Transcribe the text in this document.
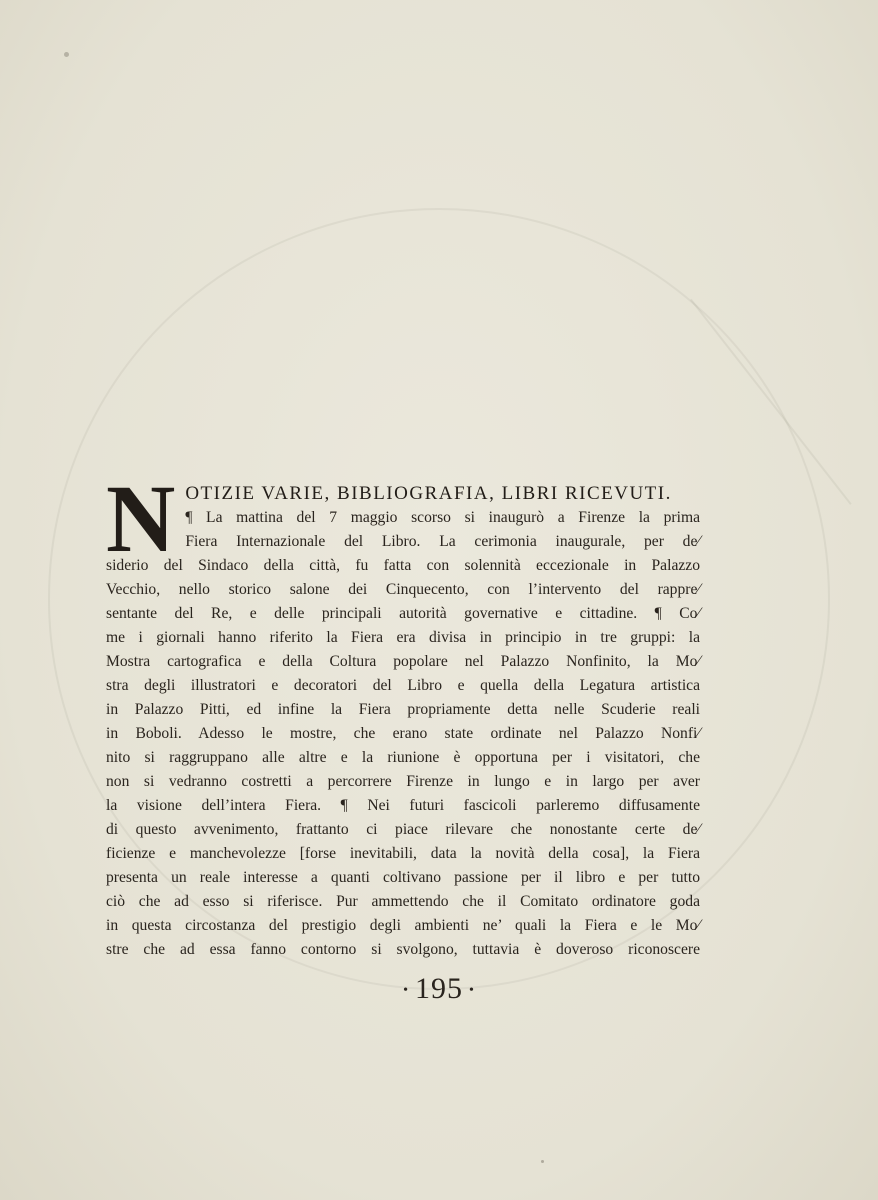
N OTIZIE VARIE, BIBLIOGRAFIA, LIBRI RICEVUTI.
¶ La mattina del 7 maggio scorso si inaugurò a Firenze la prima
Fiera Internazionale del Libro. La cerimonia inaugurale, per de⁄
siderio del Sindaco della città, fu fatta con solennità eccezionale in Palazzo
Vecchio, nello storico salone dei Cinquecento, con l’intervento del rappre⁄
sentante del Re, e delle principali autorità governative e cittadine. ¶ Co⁄
me i giornali hanno riferito la Fiera era divisa in principio in tre gruppi: la
Mostra cartografica e della Coltura popolare nel Palazzo Nonfinito, la Mo⁄
stra degli illustratori e decoratori del Libro e quella della Legatura artistica
in Palazzo Pitti, ed infine la Fiera propriamente detta nelle Scuderie reali
in Boboli. Adesso le mostre, che erano state ordinate nel Palazzo Nonfi⁄
nito si raggruppano alle altre e la riunione è opportuna per i visitatori, che
non si vedranno costretti a percorrere Firenze in lungo e in largo per aver
la visione dell’intera Fiera. ¶ Nei futuri fascicoli parleremo diffusamente
di questo avvenimento, frattanto ci piace rilevare che nonostante certe de⁄
ficienze e manchevolezze [forse inevitabili, data la novità della cosa], la Fiera
presenta un reale interesse a quanti coltivano passione per il libro e per tutto
ciò che ad esso si riferisce. Pur ammettendo che il Comitato ordinatore goda
in questa circostanza del prestigio degli ambienti ne’ quali la Fiera e le Mo⁄
stre che ad essa fanno contorno si svolgono, tuttavia è doveroso riconoscere
• 195 •
